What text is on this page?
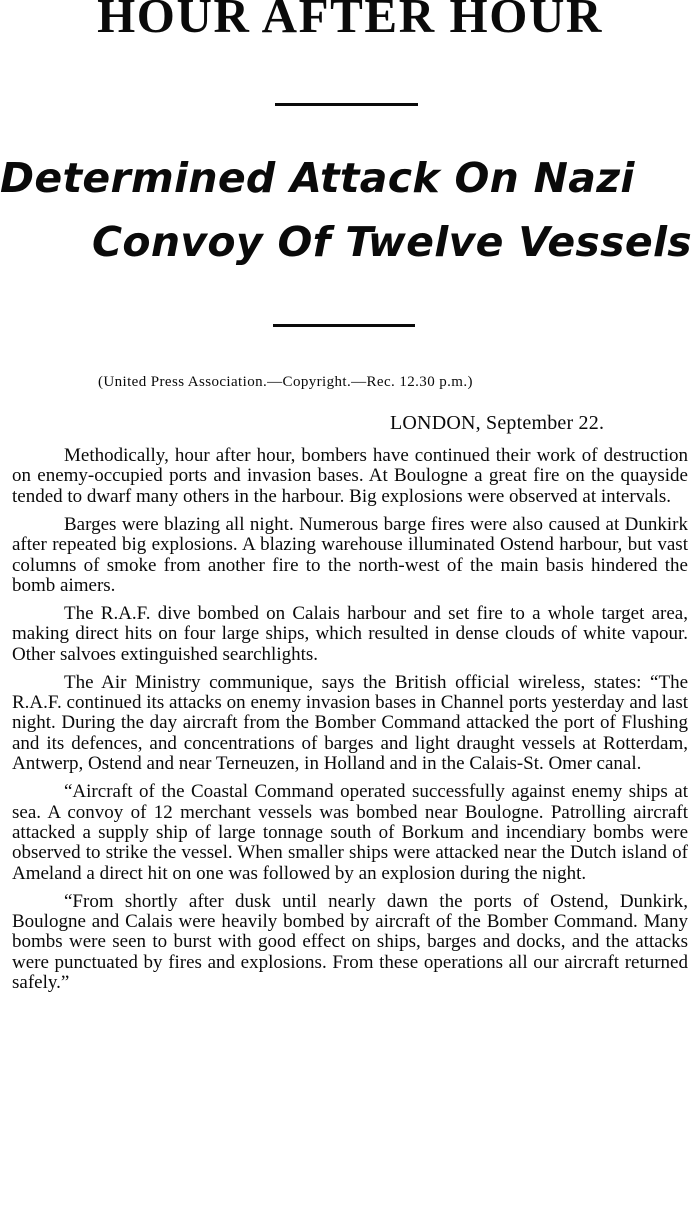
HOUR AFTER HOUR
Determined Attack On Nazi
Convoy Of Twelve Vessels
(United Press Association.—Copyright.—Rec. 12.30 p.m.)
LONDON, September 22.

Methodically, hour after hour, bombers have continued their work of destruction on enemy-occupied ports and invasion bases. At Boulogne a great fire on the quayside tended to dwarf many others in the harbour. Big explosions were observed at intervals.

Barges were blazing all night. Numerous barge fires were also caused at Dunkirk after repeated big explosions. A blazing warehouse illuminated Ostend harbour, but vast columns of smoke from another fire to the north-west of the main basis hindered the bomb aimers.

The R.A.F. dive bombed on Calais harbour and set fire to a whole target area, making direct hits on four large ships, which resulted in dense clouds of white vapour. Other salvoes extinguished searchlights.

The Air Ministry communique, says the British official wireless, states: “The R.A.F. continued its attacks on enemy invasion bases in Channel ports yesterday and last night. During the day aircraft from the Bomber Command attacked the port of Flushing and its defences, and concentrations of barges and light draught vessels at Rotterdam, Antwerp, Ostend and near Terneuzen, in Holland and in the Calais-St. Omer canal.

“Aircraft of the Coastal Command operated successfully against enemy ships at sea. A convoy of 12 merchant vessels was bombed near Boulogne. Patrolling aircraft attacked a supply ship of large tonnage south of Borkum and incendiary bombs were observed to strike the vessel. When smaller ships were attacked near the Dutch island of Ameland a direct hit on one was followed by an explosion during the night.

“From shortly after dusk until nearly dawn the ports of Ostend, Dunkirk, Boulogne and Calais were heavily bombed by aircraft of the Bomber Command. Many bombs were seen to burst with good effect on ships, barges and docks, and the attacks were punctuated by fires and explosions. From these operations all our aircraft returned safely.”
